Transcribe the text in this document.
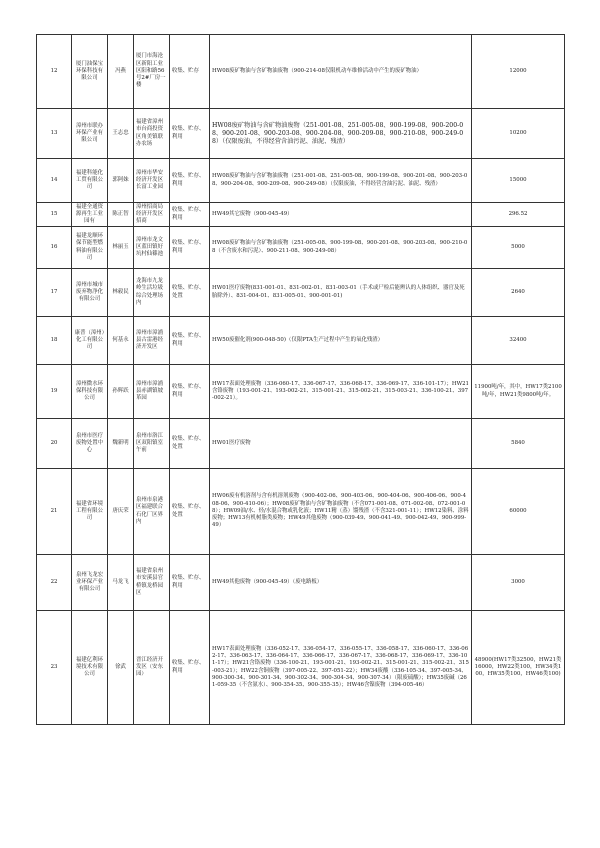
12	厦门油保宝环保科技有限公司	冯燕	厦门市海沧区新阳工业区阳和路56号2#厂房一楼	收集、贮存	HW08废矿物油与含矿物油废物（900-214-08仅限机动车维修活动中产生的废矿物油）	12000
13	漳州市联办环保产业有限公司	王志忠	福建省漳州市台商投资区角美镇联办农场	收集、贮存、利用	HW08废矿物油与含矿物油废物（251-001-08、251-005-08、900-199-08、900-200-08、900-201-08、900-203-08、900-204-08、900-209-08、900-210-08、900-249-08）（仅限废油，不得经营含油污泥、油泥、残渣）	10200
14	福建科能化工贸有限公司	郭阿妹	漳州市华安经济开发区长富工业园	收集、贮存、利用	HW08废矿物油与含矿物油废物（251-001-08、251-005-08、900-199-08、900-201-08、900-203-08、900-204-08、900-209-08、900-249-08）（仅限废油，不得经营含油污泥、油泥、残渣）	15000
15	福建全通资源再生工业园有	陈正智	漳州招商局经济开发区招商	收集、贮存、利用	HW49其它废物（900-045-49）	296.52
16	福建龙顺环保节能型燃料油有限公司	林丽玉	漳州市龙文区蓝田镇好坑村仙篠池	收集、贮存、利用	HW08废矿物油与含矿物油废物（251-005-08、900-199-08、900-201-08、900-203-08、900-210-08（不含废水和污泥）、900-211-08、900-249-08）	5000
17	漳州市城市废弃物净化有限公司	林毅民	龙海市九龙岭生活垃圾综合处理场内	收集、贮存、处置	HW01医疗废物(831-001-01、831-002-01、831-003-01（手术或尸检后能辨认的人体组织、器官及死胎除外）、831-004-01、831-005-01、900-001-01)	2640
18	康普（漳州）化工有限公司	何基永	漳州市漳浦县古雷港经济开发区	收集、贮存、利用	HW50废催化剂(900-048-50)（仅限PTA生产过程中产生的氧化残渣）	32400
19	漳州微水环保科技有限公司	孙辉跃	漳州市漳浦县赤湖镇坡革园	收集、贮存、利用	HW17表面处理废物（336-060-17、336-067-17、336-068-17、336-069-17、336-101-17）；HW21含铬废物（193-001-21、193-002-21、315-001-21、315-002-21、315-003-21、336-100-21、397-002-21）。	11900吨/年，其中，HW17类2100吨/年，HW21类9800吨/年。
20	泉州市医疗废物处置中心	魏新明	泉州市洛江区双阳镇室午前	收集、贮存、处置	HW01医疗废物	5840
21	福建省环境工程有限公司	唐庆荣	泉州市泉港区福建联合石化厂区界内	收集、贮存、处置	HW06废有机溶剂与含有机溶剂废物（900-402-06、900-403-06、900-404-06、900-406-06、900-408-06、900-410-06）；HW08废矿物油与含矿物油废物（不含071-001-08、071-002-08、072-001-08）；HW09油/水、烃/水混合物或乳化液；HW11精（蒸）馏残渣（不含321-001-11）；HW12染料、涂料废物；HW13有机树脂类废物；HW49其他废物（900-039-49、900-041-49、900-042-49、900-999-49）	60000
22	泉州飞龙宏业环保产业有限公司	马龙飞	福建省泉州市安溪县官桥镇龙桥园区	收集、贮存、利用	HW49其他废物（900-045-49）（废电路板）	3000
23	福建亿利环境技术有限公司	徐武	晋江经济开发区（安东园）	收集、贮存、利用	HW17表面处理废物（336-052-17、336-054-17、336-055-17、336-058-17、336-060-17、336-062-17、336-063-17、336-064-17、336-066-17、336-067-17、336-068-17、336-069-17、336-101-17）；HW21含铬废物（336-100-21、193-001-21、193-002-21、315-001-21、315-002-21、315-003-21）；HW22含铜废物（397-005-22、397-051-22）；HW34废酸（336-105-34、397-005-34、900-300-34、900-301-34、900-302-34、900-304-34、900-307-34）（限废硫酸）；HW35废碱（261-059-35（不含氨水）、900-354-35、900-355-35）；HW46含镍废物（394-005-46）	48900(HW17类32500，HW21类16000，HW22类100，HW34类100，HW35类100，HW46类100)
